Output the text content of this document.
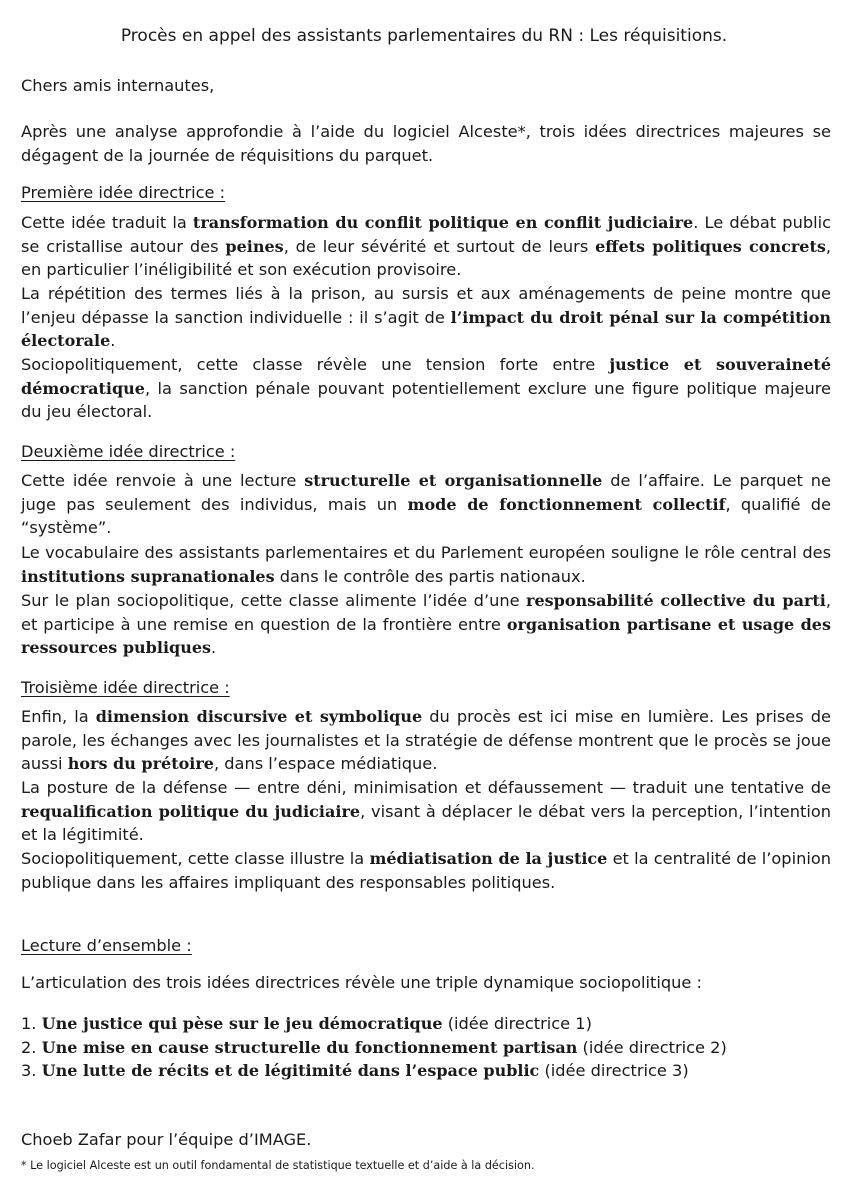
Procès en appel des assistants parlementaires du RN : Les réquisitions.

Chers amis internautes,

Après une analyse approfondie à l’aide du logiciel Alceste*, trois idées directrices majeures se dégagent de la journée de réquisitions du parquet.

Première idée directrice :

Cette idée traduit la transformation du conflit politique en conflit judiciaire. Le débat public se cristallise autour des peines, de leur sévérité et surtout de leurs effets politiques concrets, en particulier l’inéligibilité et son exécution provisoire.

La répétition des termes liés à la prison, au sursis et aux aménagements de peine montre que l’enjeu dépasse la sanction individuelle : il s’agit de l’impact du droit pénal sur la compétition électorale.

Sociopolitiquement, cette classe révèle une tension forte entre justice et souveraineté démocratique, la sanction pénale pouvant potentiellement exclure une figure politique majeure du jeu électoral.

Deuxième idée directrice :

Cette idée renvoie à une lecture structurelle et organisationnelle de l’affaire. Le parquet ne juge pas seulement des individus, mais un mode de fonctionnement collectif, qualifié de “système”.

Le vocabulaire des assistants parlementaires et du Parlement européen souligne le rôle central des institutions supranationales dans le contrôle des partis nationaux.

Sur le plan sociopolitique, cette classe alimente l’idée d’une responsabilité collective du parti, et participe à une remise en question de la frontière entre organisation partisane et usage des ressources publiques.

Troisième idée directrice :

Enfin, la dimension discursive et symbolique du procès est ici mise en lumière. Les prises de parole, les échanges avec les journalistes et la stratégie de défense montrent que le procès se joue aussi hors du prétoire, dans l’espace médiatique.

La posture de la défense — entre déni, minimisation et défaussement — traduit une tentative de requalification politique du judiciaire, visant à déplacer le débat vers la perception, l’intention et la légitimité.

Sociopolitiquement, cette classe illustre la médiatisation de la justice et la centralité de l’opinion publique dans les affaires impliquant des responsables politiques.

Lecture d’ensemble :

L’articulation des trois idées directrices révèle une triple dynamique sociopolitique :

1. Une justice qui pèse sur le jeu démocratique (idée directrice 1)
2. Une mise en cause structurelle du fonctionnement partisan (idée directrice 2)
3. Une lutte de récits et de légitimité dans l’espace public (idée directrice 3)

Choeb Zafar pour l’équipe d’IMAGE.

* Le logiciel Alceste est un outil fondamental de statistique textuelle et d’aide à la décision.
